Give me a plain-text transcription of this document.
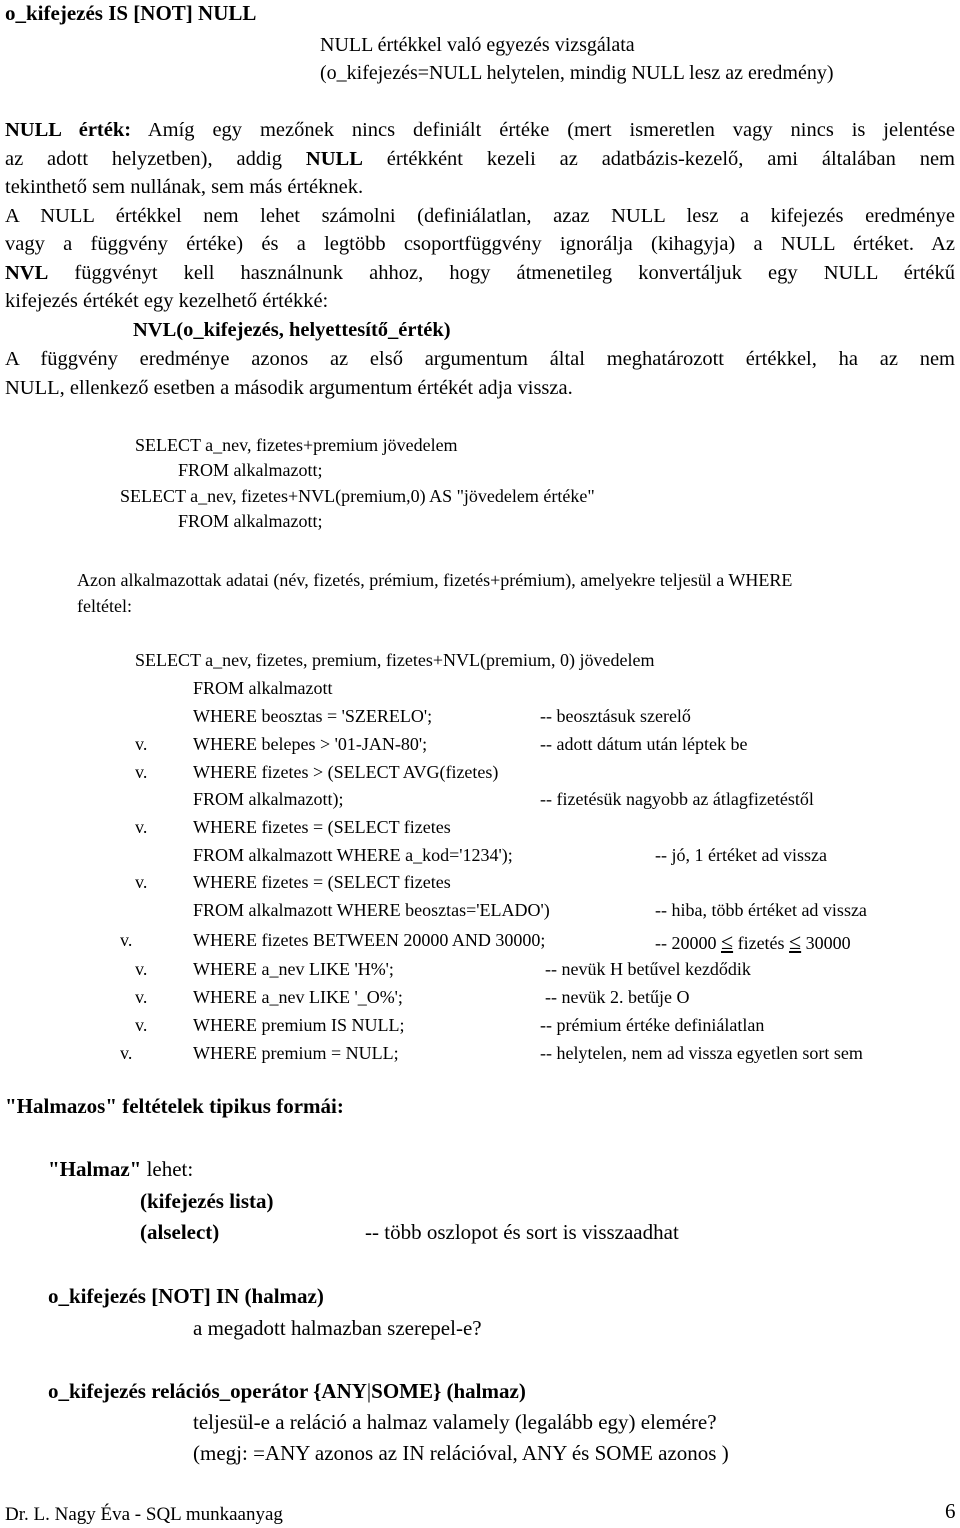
o_kifejezés IS [NOT] NULL
NULL értékkel való egyezés vizsgálata
(o_kifejezés=NULL helytelen, mindig NULL lesz az eredmény)
NULL érték: Amíg egy mezőnek nincs definiált értéke (mert ismeretlen vagy nincs is jelentése
az adott helyzetben), addig NULL értékként kezeli az adatbázis-kezelő, ami általában nem
tekinthető sem nullának, sem más értéknek.
A NULL értékkel nem lehet számolni (definiálatlan, azaz NULL lesz a kifejezés eredménye
vagy a függvény értéke) és a legtöbb csoportfüggvény ignorálja (kihagyja) a NULL értéket. Az
NVL függvényt kell használnunk ahhoz, hogy átmenetileg konvertáljuk egy NULL értékű
kifejezés értékét egy kezelhető értékké:
NVL(o_kifejezés, helyettesítő_érték)
A függvény eredménye azonos az első argumentum által meghatározott értékkel, ha az nem
NULL, ellenkező esetben a második argumentum értékét adja vissza.
SELECT a_nev, fizetes+premium jövedelem
FROM alkalmazott;
SELECT a_nev, fizetes+NVL(premium,0) AS "jövedelem értéke"
FROM alkalmazott;
Azon alkalmazottak adatai (név, fizetés, prémium, fizetés+prémium), amelyekre teljesül a WHERE
feltétel:
SELECT a_nev, fizetes, premium, fizetes+NVL(premium, 0) jövedelem
FROM alkalmazott
WHERE beosztas = 'SZERELO';	-- beosztásuk szerelő
v.	WHERE belepes > '01-JAN-80';	-- adott dátum után léptek be
v.	WHERE fizetes > (SELECT AVG(fizetes)
FROM alkalmazott);	-- fizetésük nagyobb az átlagfizetéstől
v.	WHERE fizetes = (SELECT fizetes
FROM alkalmazott WHERE a_kod='1234');	-- jó, 1 értéket ad vissza
v.	WHERE fizetes = (SELECT fizetes
FROM alkalmazott WHERE beosztas='ELADO')	-- hiba, több értéket ad vissza
v.	WHERE fizetes BETWEEN 20000 AND 30000;	-- 20000 ≤ fizetés ≤ 30000
v.	WHERE a_nev LIKE 'H%';	-- nevük H betűvel kezdődik
v.	WHERE a_nev LIKE '_O%';	-- nevük 2. betűje O
v.	WHERE premium IS NULL;	-- prémium értéke definiálatlan
v.	WHERE premium = NULL;	-- helytelen, nem ad vissza egyetlen sort sem
"Halmazos" feltételek tipikus formái:
"Halmaz" lehet:
(kifejezés lista)
(alselect)	-- több oszlopot és sort is visszaadhat
o_kifejezés [NOT] IN (halmaz)
a megadott halmazban szerepel-e?
o_kifejezés relációs_operátor {ANY|SOME} (halmaz)
teljesül-e a reláció a halmaz valamely (legalább egy) elemére?
(megj: =ANY azonos az IN relációval, ANY és SOME azonos )
Dr. L. Nagy Éva - SQL munkaanyag	6
